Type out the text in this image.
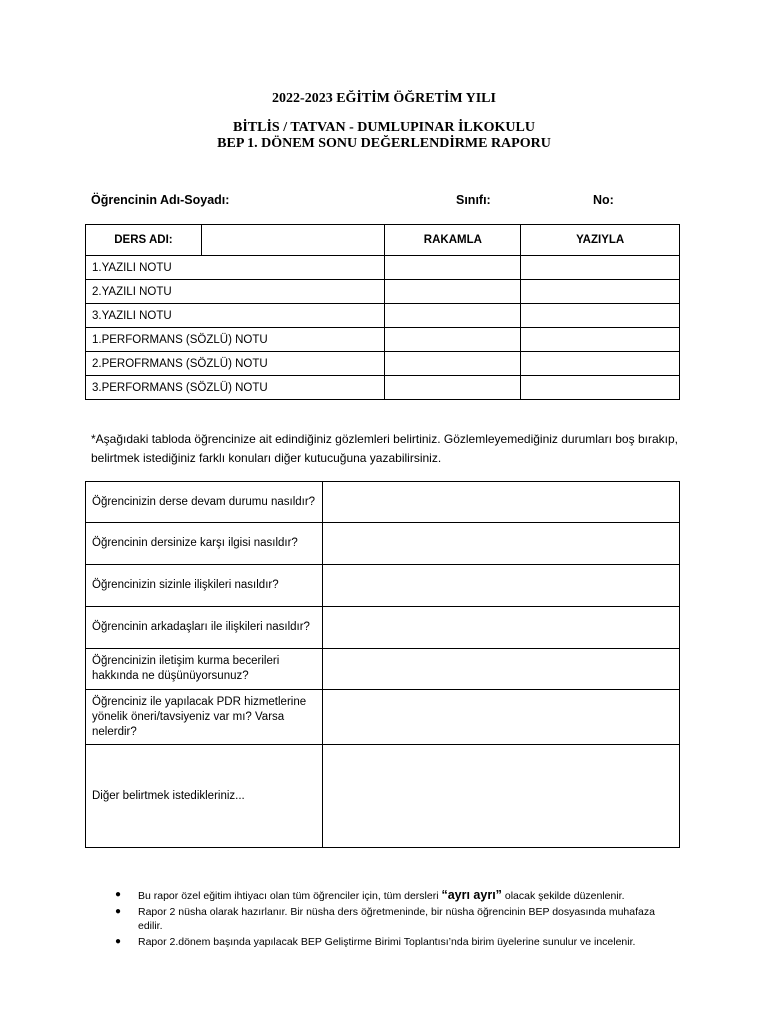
2022-2023 EĞİTİM ÖĞRETİM YILI
BİTLİS / TATVAN - DUMLUPINAR İLKOKULU
BEP 1. DÖNEM SONU DEĞERLENDİRME RAPORU
Öğrencinin Adı-Soyadı:	Sınıfı:	No:
DERS ADI:		RAKAMLA	YAZIYLA
1.YAZILI NOTU			
2.YAZILI NOTU			
3.YAZILI NOTU			
1.PERFORMANS (SÖZLÜ) NOTU			
2.PEROFRMANS (SÖZLÜ) NOTU			
3.PERFORMANS (SÖZLÜ) NOTU			
*Aşağıdaki tabloda öğrencinize ait edindiğiniz gözlemleri belirtiniz. Gözlemleyemediğiniz durumları boş bırakıp, belirtmek istediğiniz farklı konuları diğer kutucuğuna yazabilirsiniz.
Öğrencinizin derse devam durumu nasıldır?	
Öğrencinin dersinize karşı ilgisi nasıldır?	
Öğrencinizin sizinle ilişkileri nasıldır?	
Öğrencinin arkadaşları ile ilişkileri nasıldır?	
Öğrencinizin iletişim kurma becerileri hakkında ne düşünüyorsunuz?	
Öğrenciniz ile yapılacak PDR hizmetlerine yönelik öneri/tavsiyeniz var mı? Varsa nelerdir?	
Diğer belirtmek istedikleriniz...	
● Bu rapor özel eğitim ihtiyacı olan tüm öğrenciler için, tüm dersleri “ayrı ayrı” olacak şekilde düzenlenir.
● Rapor 2 nüsha olarak hazırlanır. Bir nüsha ders öğretmeninde, bir nüsha öğrencinin BEP dosyasında muhafaza edilir.
● Rapor 2.dönem başında yapılacak BEP Geliştirme Birimi Toplantısı’nda birim üyelerine sunulur ve incelenir.
